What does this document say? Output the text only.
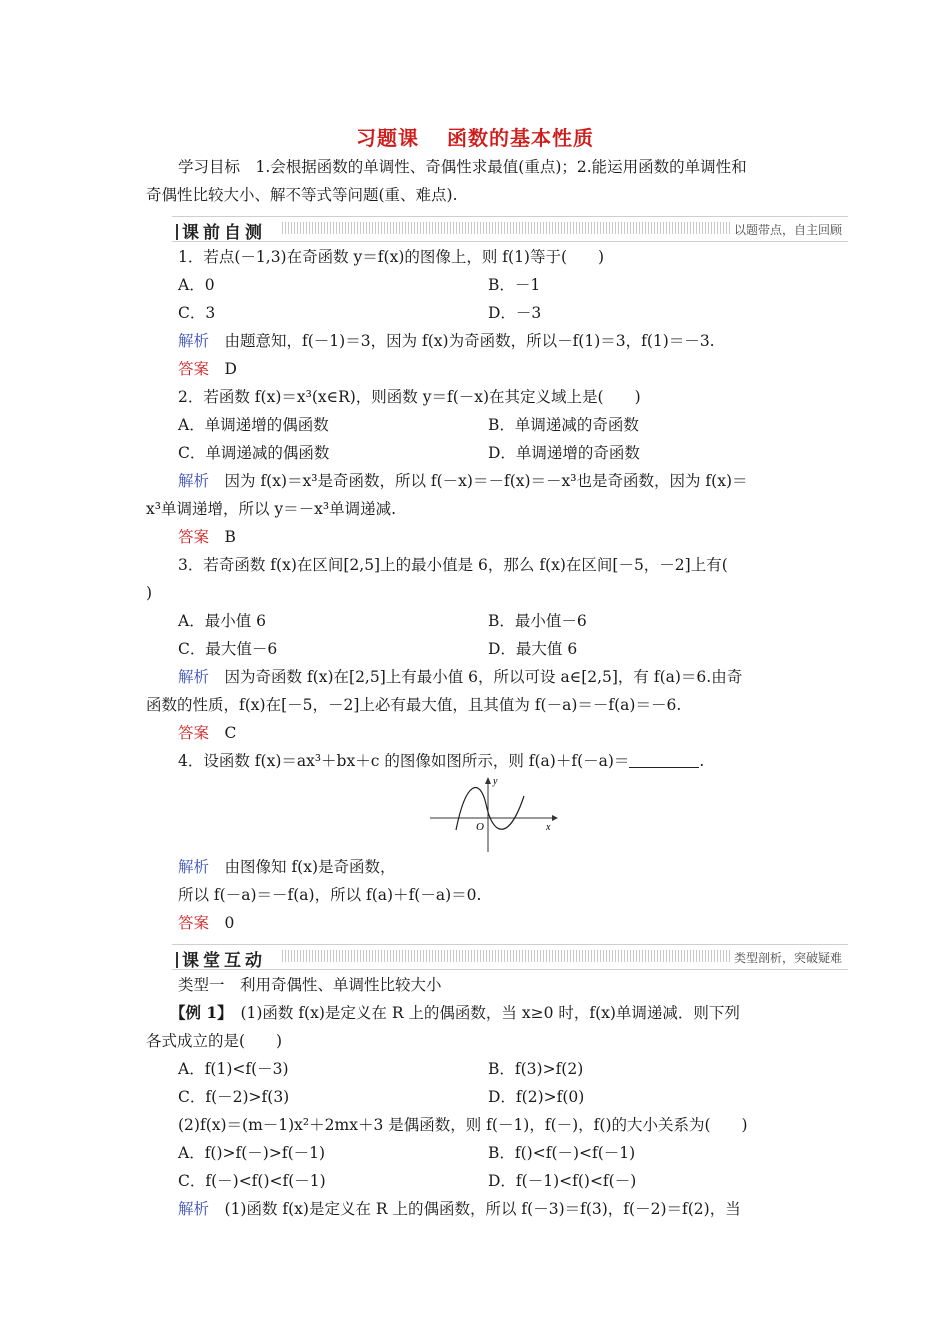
习题课 函数的基本性质
学习目标　1.会根据函数的单调性、奇偶性求最值(重点)；2.能运用函数的单调性和
奇偶性比较大小、解不等式等问题(重、难点).
课前自测	以题带点，自主回顾
1．若点(－1,3)在奇函数 y＝f(x)的图像上，则 f(1)等于(　　)
A．0	B．－1
C．3	D．－3
解析　由题意知，f(－1)＝3，因为 f(x)为奇函数，所以－f(1)＝3，f(1)＝－3.
答案　D
2．若函数 f(x)＝x³(x∈R)，则函数 y＝f(－x)在其定义域上是(　　)
A．单调递增的偶函数	B．单调递减的奇函数
C．单调递减的偶函数	D．单调递增的奇函数
解析　因为 f(x)＝x³是奇函数，所以 f(－x)＝－f(x)＝－x³也是奇函数，因为 f(x)＝
x³单调递增，所以 y＝－x³单调递减.
答案　B
3．若奇函数 f(x)在区间[2,5]上的最小值是 6，那么 f(x)在区间[－5，－2]上有(
)
A．最小值 6	B．最小值－6
C．最大值－6	D．最大值 6
解析　因为奇函数 f(x)在[2,5]上有最小值 6，所以可设 a∈[2,5]，有 f(a)＝6.由奇
函数的性质，f(x)在[－5，－2]上必有最大值，且其值为 f(－a)＝－f(a)＝－6.
答案　C
4．设函数 f(x)＝ax³＋bx＋c 的图像如图所示，则 f(a)＋f(－a)＝	.
x
y
O
解析　由图像知 f(x)是奇函数，
所以 f(－a)＝－f(a)，所以 f(a)＋f(－a)＝0.
答案　0
课堂互动	类型剖析，突破疑难
类型一　利用奇偶性、单调性比较大小
【例 1】　(1)函数 f(x)是定义在 R 上的偶函数，当 x≥0 时，f(x)单调递减．则下列
各式成立的是(　　)
A．f(1)<f(－3)	B．f(3)>f(2)
C．f(－2)>f(3)	D．f(2)>f(0)
(2)f(x)＝(m－1)x²＋2mx＋3 是偶函数，则 f(－1)，f(－)，f()的大小关系为(　　)
A．f()>f(－)>f(－1)	B．f()<f(－)<f(－1)
C．f(－)<f()<f(－1)	D．f(－1)<f()<f(－)
解析　(1)函数 f(x)是定义在 R 上的偶函数，所以 f(－3)＝f(3)，f(－2)＝f(2)，当
